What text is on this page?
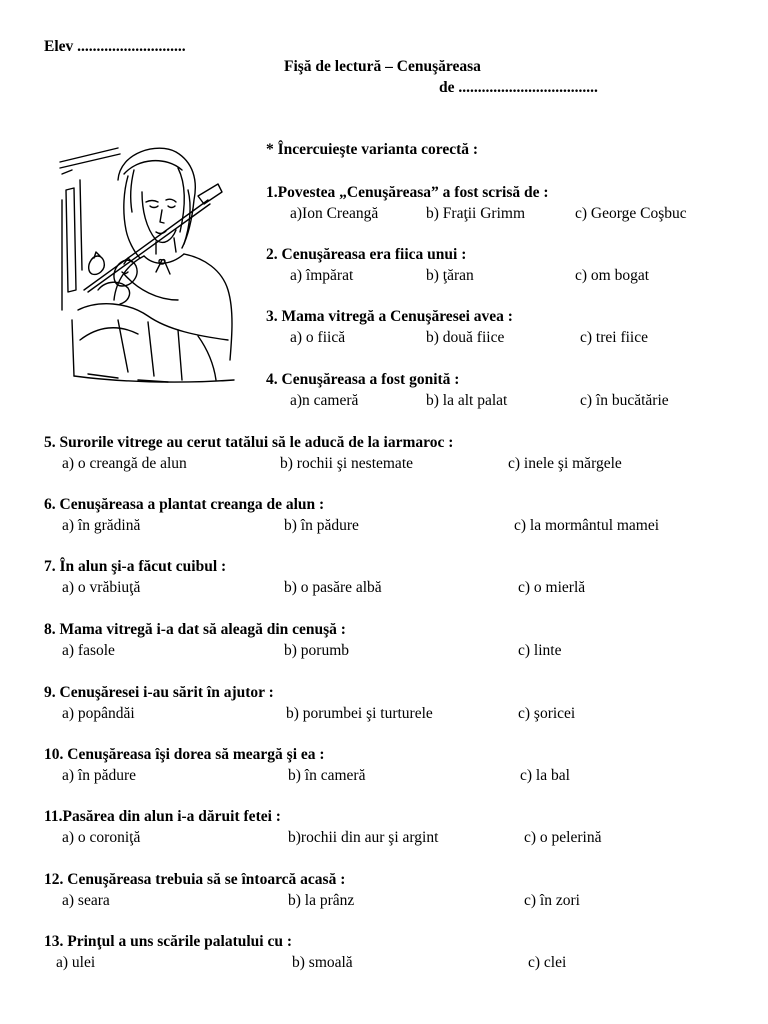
Elev ............................
Fişă de lectură – Cenuşăreasa
de ....................................
* Încercuieşte varianta corectă :
1.Povestea „Cenuşăreasa” a fost scrisă de :
a)Ion Creangă	b) Fraţii Grimm	c) George Coşbuc
2. Cenuşăreasa era fiica unui :
a) împărat	b) ţăran	c) om bogat
3. Mama vitregă a Cenuşăresei avea :
a) o fiică	b) două fiice	c) trei fiice
4. Cenuşăreasa a fost gonită :
a)n cameră	b) la alt palat	c) în bucătărie
5. Surorile vitrege au cerut tatălui să le aducă de la iarmaroc :
a) o creangă de alun	b) rochii şi nestemate	c) inele şi mărgele
6. Cenuşăreasa a plantat creanga de alun :
a) în grădină	b) în pădure	c) la mormântul mamei
7. În alun şi-a făcut cuibul :
a) o vrăbiuţă	b) o pasăre albă	c) o mierlă
8. Mama vitregă i-a dat să aleagă din cenuşă :
a) fasole	b) porumb	c) linte
9. Cenuşăresei i-au sărit în ajutor :
a) popândăi	b) porumbei şi turturele	c) şoricei
10. Cenuşăreasa îşi dorea să meargă şi ea :
a) în pădure	b) în cameră	c) la bal
11.Pasărea din alun i-a dăruit fetei :
a) o coroniţă	b)rochii din aur şi argint	c) o pelerină
12. Cenuşăreasa trebuia să se întoarcă acasă :
a) seara	b) la prânz	c) în zori
13. Prinţul a uns scările palatului cu :
a) ulei	b) smoală	c) clei
